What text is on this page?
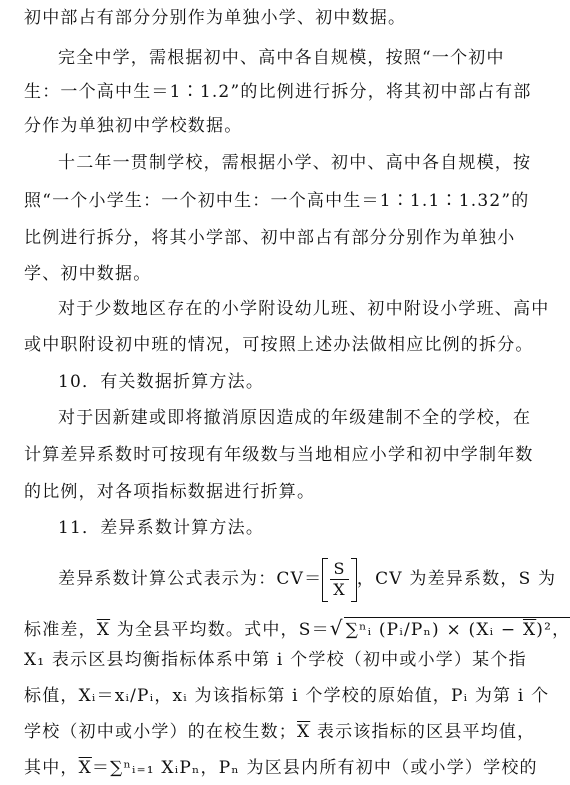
初中部占有部分分别作为单独小学、初中数据。
完全中学，需根据初中、高中各自规模，按照“一个初中
生：一个高中生＝1∶1.2”的比例进行拆分，将其初中部占有部
分作为单独初中学校数据。
十二年一贯制学校，需根据小学、初中、高中各自规模，按
照“一个小学生：一个初中生：一个高中生＝1∶1.1∶1.32”的
比例进行拆分，将其小学部、初中部占有部分分别作为单独小
学、初中数据。
对于少数地区存在的小学附设幼儿班、初中附设小学班、高中
或中职附设初中班的情况，可按照上述办法做相应比例的拆分。
10．有关数据折算方法。
对于因新建或即将撤消原因造成的年级建制不全的学校，在
计算差异系数时可按现有年级数与当地相应小学和初中学制年数
的比例，对各项指标数据进行折算。
11．差异系数计算方法。
差异系数计算公式表示为：$CV= \frac{S}{X}$ ，CV 为差异系数，S 为
标准差，$\overline{X}$ 为全县平均数。式中，S＝√ ∑ⁿᵢ (Pᵢ/Pₙ) × (Xᵢ − $\overline{X})^2$，
X₁ 表示区县均衡指标体系中第 i 个学校（初中或小学）某个指
标值，Xᵢ＝xᵢ/Pᵢ，xᵢ 为该指标第 i 个学校的原始值，Pᵢ 为第 i 个
学校（初中或小学）的在校生数；$\overline{X}$ 表示该指标的区县平均值，
其中，$\overline{X}=\sum^nᵢ_{=1}$ XᵢPₙ，Pₙ 为区县内所有初中（或小学）学校的
